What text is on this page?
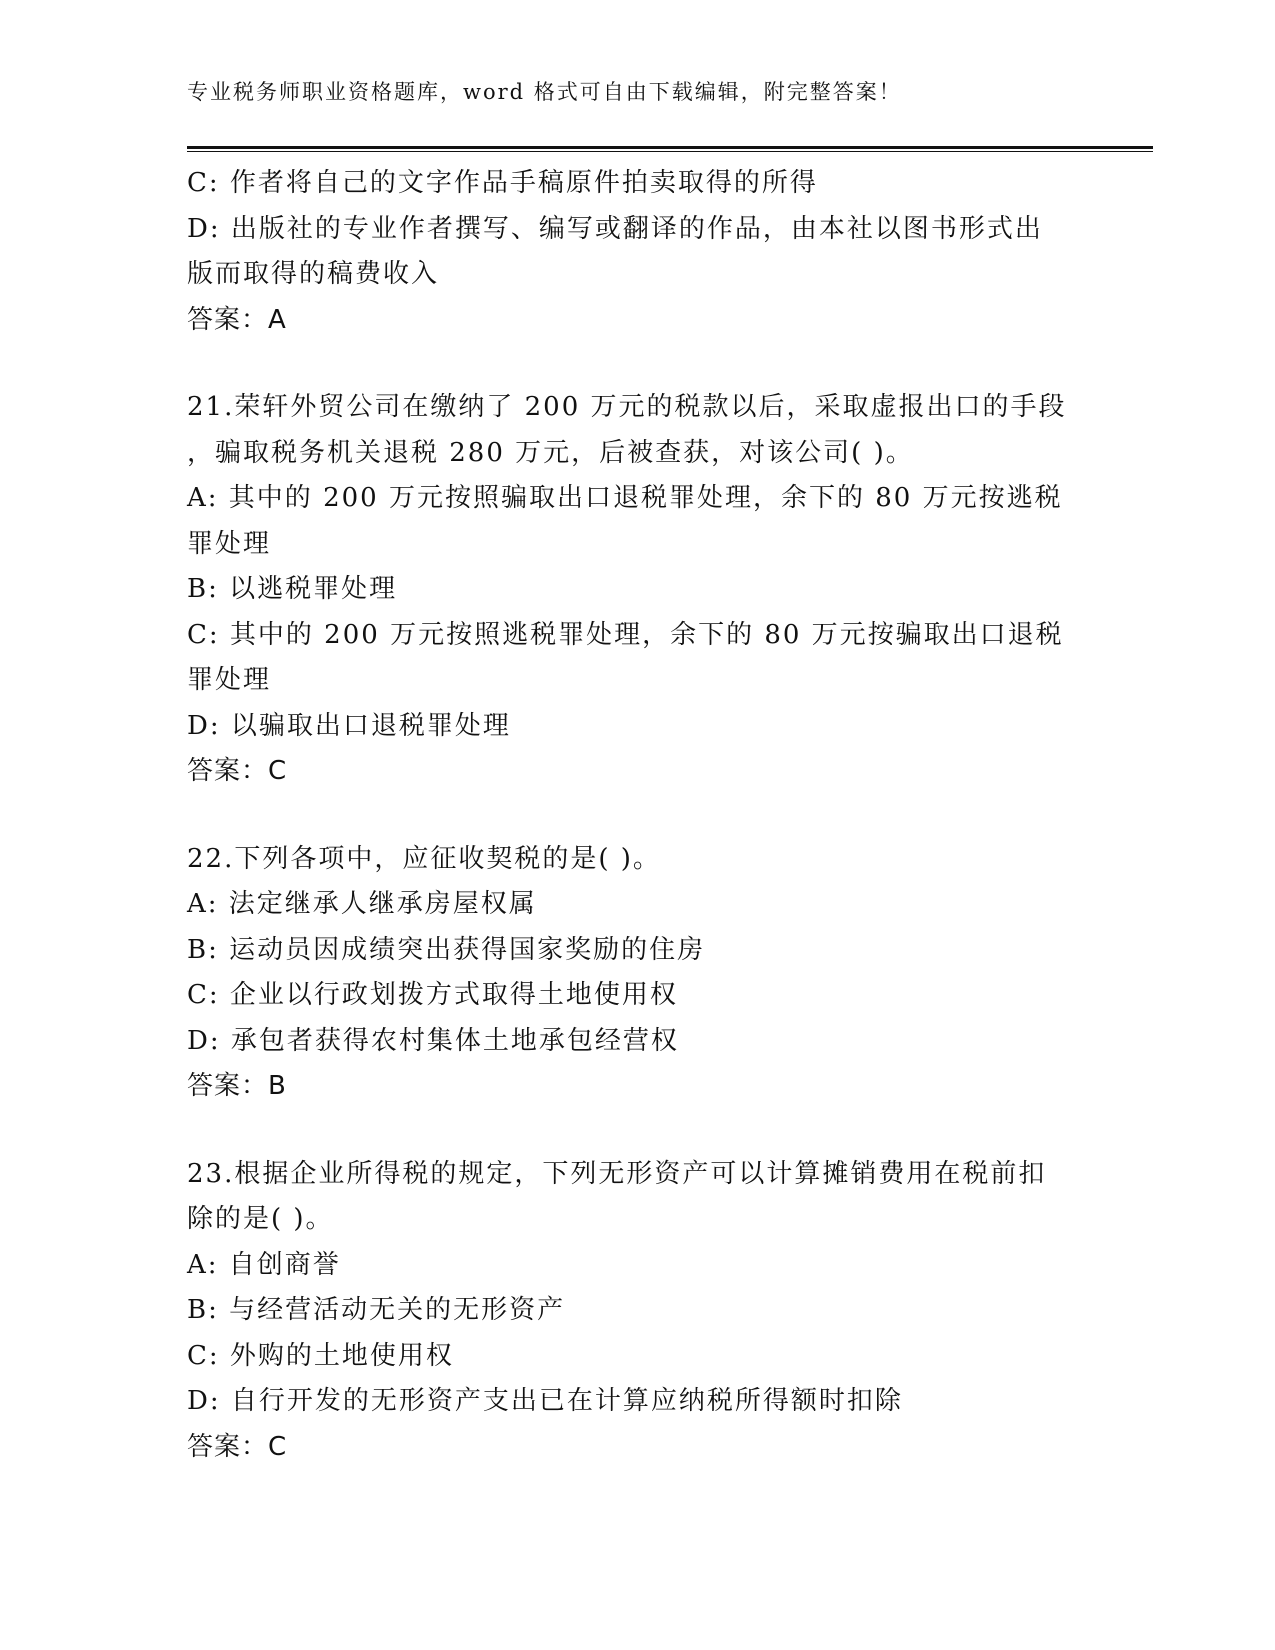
专业税务师职业资格题库，word 格式可自由下载编辑，附完整答案！
C: 作者将自己的文字作品手稿原件拍卖取得的所得
D: 出版社的专业作者撰写、编写或翻译的作品，由本社以图书形式出
版而取得的稿费收入
答案：A
21.荣轩外贸公司在缴纳了 200 万元的税款以后，采取虚报出口的手段
，骗取税务机关退税 280 万元，后被查获，对该公司( )。
A: 其中的 200 万元按照骗取出口退税罪处理，余下的 80 万元按逃税
罪处理
B: 以逃税罪处理
C: 其中的 200 万元按照逃税罪处理，余下的 80 万元按骗取出口退税
罪处理
D: 以骗取出口退税罪处理
答案：C
22.下列各项中，应征收契税的是( )。
A: 法定继承人继承房屋权属
B: 运动员因成绩突出获得国家奖励的住房
C: 企业以行政划拨方式取得土地使用权
D: 承包者获得农村集体土地承包经营权
答案：B
23.根据企业所得税的规定，下列无形资产可以计算摊销费用在税前扣
除的是( )。
A: 自创商誉
B: 与经营活动无关的无形资产
C: 外购的土地使用权
D: 自行开发的无形资产支出已在计算应纳税所得额时扣除
答案：C
